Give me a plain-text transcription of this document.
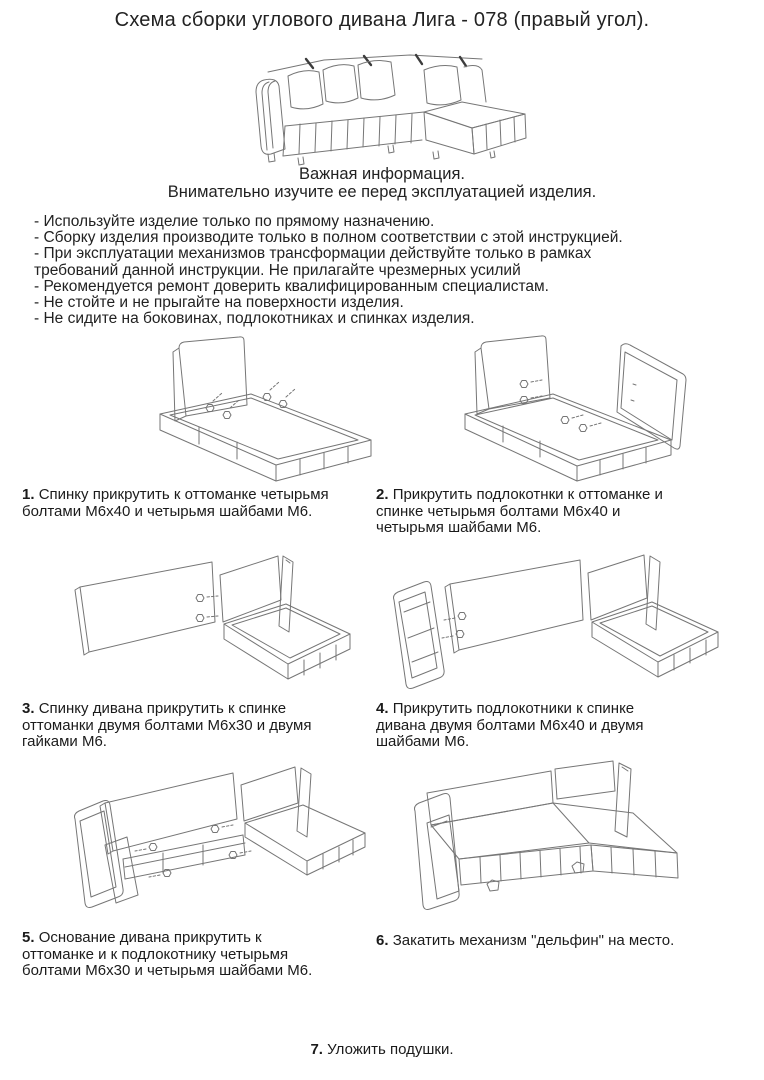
Схема сборки углового дивана Лига - 078 (правый угол).
Важная информация.
Внимательно изучите ее перед эксплуатацией изделия.
- Используйте изделие только по прямому назначению.
- Сборку изделия производите только в полном соответствии с этой инструкцией.
- При эксплуатации механизмов трансформации действуйте только в рамках требований данной инструкции. Не прилагайте чрезмерных усилий
- Рекомендуется ремонт доверить квалифицированным специалистам.
- Не стойте и не прыгайте на поверхности изделия.
- Не сидите на боковинах, подлокотниках и спинках изделия.
1. Спинку прикрутить к оттоманке четырьмя болтами М6х40 и четырьмя шайбами М6.
2. Прикрутить подлокотнки к оттоманке и спинке четырьмя болтами М6х40 и четырьмя шайбами М6.
3. Спинку дивана прикрутить к спинке оттоманки двумя болтами М6х30 и двумя гайками М6.
4. Прикрутить подлокотники к спинке дивана двумя болтами М6х40 и двумя шайбами М6.
5. Основание дивана прикрутить к оттоманке и к подлокотнику четырьмя болтами М6х30 и четырьмя шайбами М6.
6. Закатить механизм "дельфин" на место.
7. Уложить подушки.
